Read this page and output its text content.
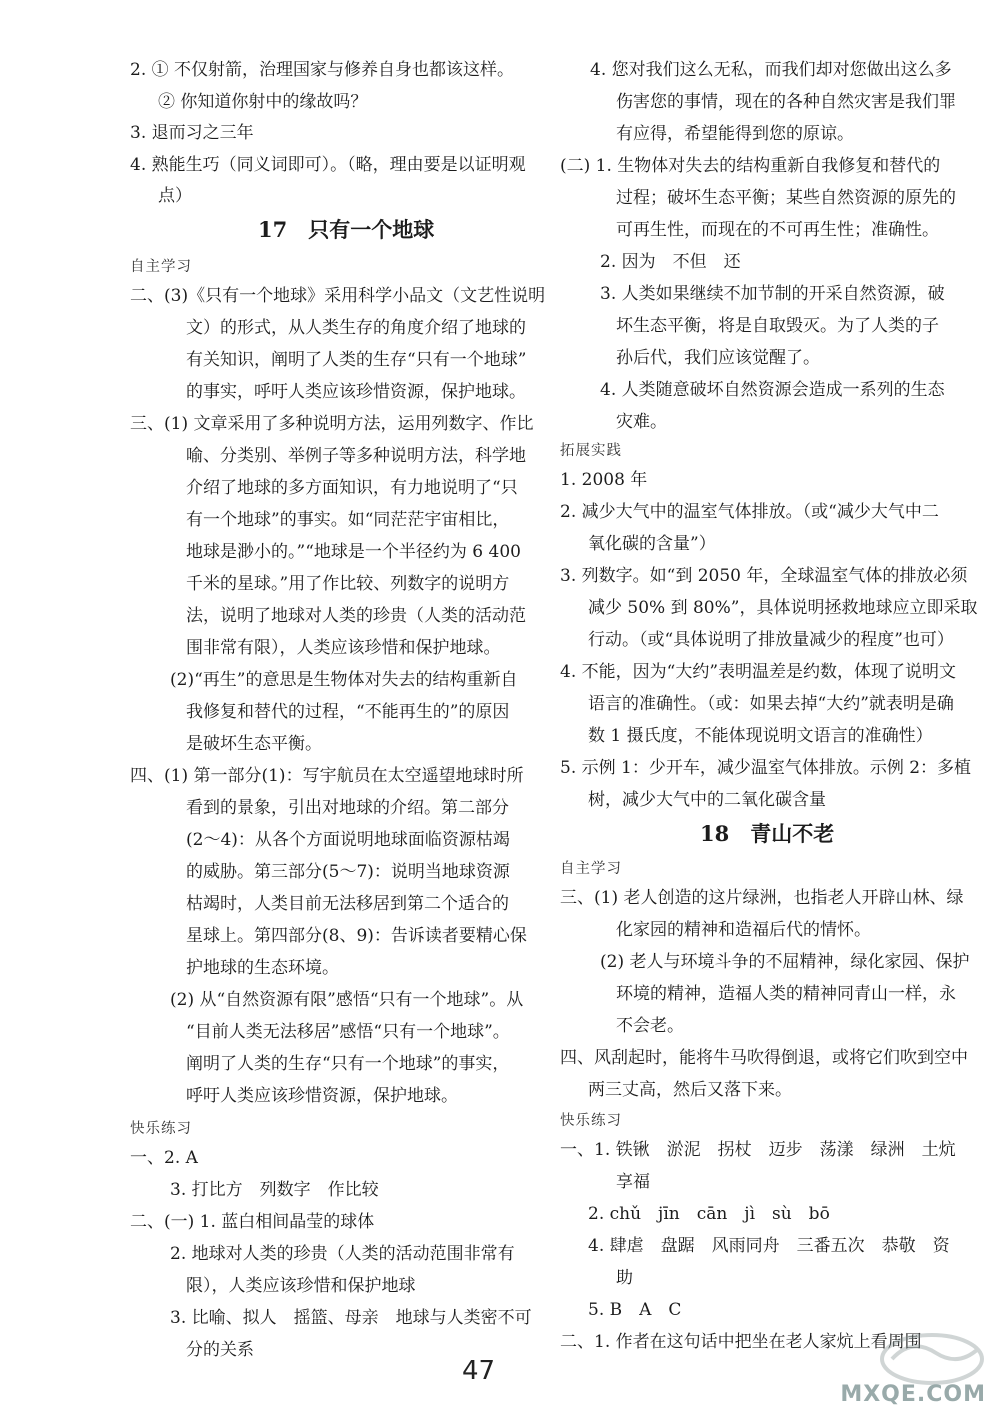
2. ① 不仅射箭，治理国家与修养自身也都该这样。
② 你知道你射中的缘故吗？
3. 退而习之三年
4. 熟能生巧（同义词即可）。（略，理由要是以证明观
点）
17　只有一个地球
自主学习
二、(3)《只有一个地球》采用科学小品文（文艺性说明
文）的形式，从人类生存的角度介绍了地球的
有关知识，阐明了人类的生存“只有一个地球”
的事实，呼吁人类应该珍惜资源，保护地球。
三、(1) 文章采用了多种说明方法，运用列数字、作比
喻、分类别、举例子等多种说明方法，科学地
介绍了地球的多方面知识，有力地说明了“只
有一个地球”的事实。如“同茫茫宇宙相比，
地球是渺小的。”“地球是一个半径约为 6 400
千米的星球。”用了作比较、列数字的说明方
法，说明了地球对人类的珍贵（人类的活动范
围非常有限），人类应该珍惜和保护地球。
(2)“再生”的意思是生物体对失去的结构重新自
我修复和替代的过程，“不能再生的”的原因
是破坏生态平衡。
四、(1) 第一部分(1)：写宇航员在太空遥望地球时所
看到的景象，引出对地球的介绍。第二部分
(2～4)：从各个方面说明地球面临资源枯竭
的威胁。第三部分(5～7)：说明当地球资源
枯竭时，人类目前无法移居到第二个适合的
星球上。第四部分(8、9)：告诉读者要精心保
护地球的生态环境。
(2) 从“自然资源有限”感悟“只有一个地球”。从
“目前人类无法移居”感悟“只有一个地球”。
阐明了人类的生存“只有一个地球”的事实，
呼吁人类应该珍惜资源，保护地球。
快乐练习
一、2. A
3. 打比方　列数字　作比较
二、(一) 1. 蓝白相间晶莹的球体
2. 地球对人类的珍贵（人类的活动范围非常有
限），人类应该珍惜和保护地球
3. 比喻、拟人　摇篮、母亲　地球与人类密不可
分的关系
4. 您对我们这么无私，而我们却对您做出这么多
伤害您的事情，现在的各种自然灾害是我们罪
有应得，希望能得到您的原谅。
(二) 1. 生物体对失去的结构重新自我修复和替代的
过程；破坏生态平衡；某些自然资源的原先的
可再生性，而现在的不可再生性；准确性。
2. 因为　不但　还
3. 人类如果继续不加节制的开采自然资源，破
坏生态平衡，将是自取毁灭。为了人类的子
孙后代，我们应该觉醒了。
4. 人类随意破坏自然资源会造成一系列的生态
灾难。
拓展实践
1. 2008 年
2. 减少大气中的温室气体排放。（或“减少大气中二
氧化碳的含量”）
3. 列数字。如“到 2050 年，全球温室气体的排放必须
减少 50% 到 80%”，具体说明拯救地球应立即采取
行动。（或“具体说明了排放量减少的程度”也可）
4. 不能，因为“大约”表明温差是约数，体现了说明文
语言的准确性。（或：如果去掉“大约”就表明是确
数 1 摄氏度，不能体现说明文语言的准确性）
5. 示例 1：少开车，减少温室气体排放。示例 2：多植
树，减少大气中的二氧化碳含量
18　青山不老
自主学习
三、(1) 老人创造的这片绿洲，也指老人开辟山林、绿
化家园的精神和造福后代的情怀。
(2) 老人与环境斗争的不屈精神，绿化家园、保护
环境的精神，造福人类的精神同青山一样，永
不会老。
四、风刮起时，能将牛马吹得倒退，或将它们吹到空中
两三丈高，然后又落下来。
快乐练习
一、1. 铁锹　淤泥　拐杖　迈步　荡漾　绿洲　土炕
享福
2. chǔ　jīn　cān　jì　sù　bō
4. 肆虐　盘踞　风雨同舟　三番五次　恭敬　资
助
5. B　A　C
二、1. 作者在这句话中把坐在老人家炕上看周围
47
MXQE.COM
